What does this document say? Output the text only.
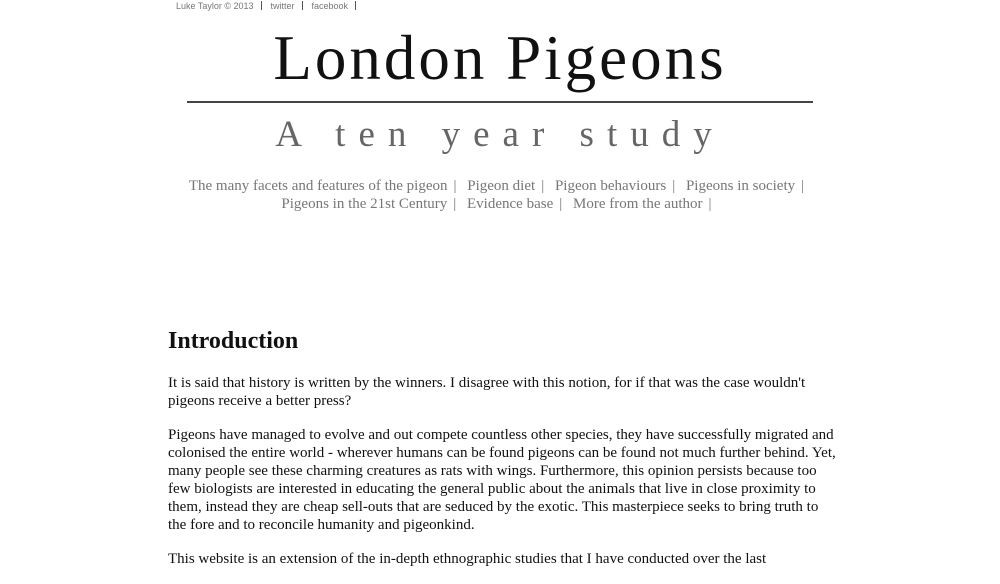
Luke Taylor © 2013 twitter facebook
London Pigeons
A ten year study
The many facets and features of the pigeon | Pigeon diet | Pigeon behaviours | Pigeons in society |
Pigeons in the 21st Century | Evidence base | More from the author |
Introduction

It is said that history is written by the winners. I disagree with this notion, for if that was the case wouldn't pigeons receive a better press?

Pigeons have managed to evolve and out compete countless other species, they have successfully migrated and colonised the entire world - wherever humans can be found pigeons can be found not much further behind. Yet, many people see these charming creatures as rats with wings. Furthermore, this opinion persists because too few biologists are interested in educating the general public about the animals that live in close proximity to them, instead they are cheap sell-outs that are seduced by the exotic. This masterpiece seeks to bring truth to the fore and to reconcile humanity and pigeonkind.

This website is an extension of the in-depth ethnographic studies that I have conducted over the last
